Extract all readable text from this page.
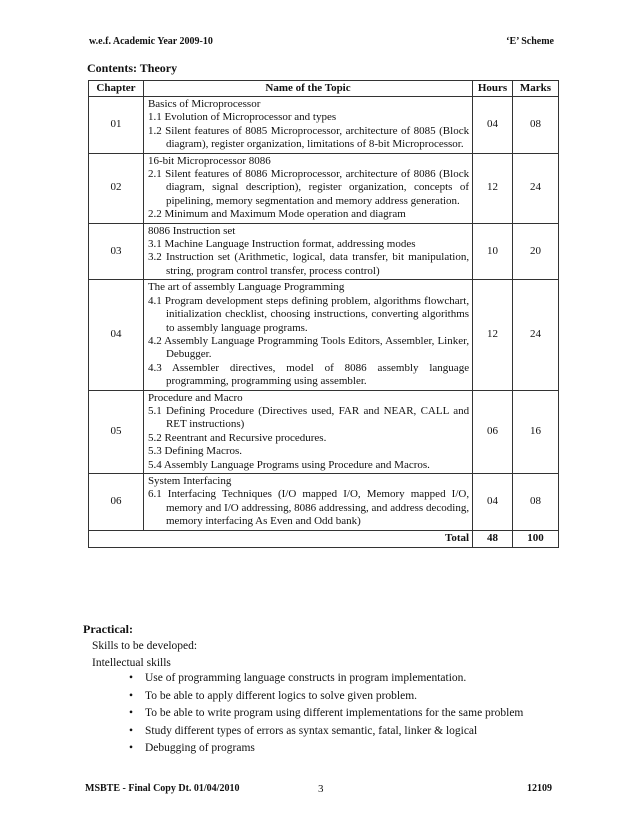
w.e.f. Academic Year 2009-10	‘E’ Scheme
Contents: Theory
Chapter	Name of the Topic	Hours	Marks
01	Basics of Microprocessor
1.1 Evolution of Microprocessor and types
1.2 Silent features of 8085 Microprocessor, architecture of 8085 (Block diagram), register organization, limitations of 8-bit Microprocessor.	04	08
02	16-bit Microprocessor 8086
2.1 Silent features of 8086 Microprocessor, architecture of 8086 (Block diagram, signal description), register organization, concepts of pipelining, memory segmentation and memory address generation.
2.2 Minimum and Maximum Mode operation and diagram	12	24
03	8086 Instruction set
3.1 Machine Language Instruction format, addressing modes
3.2 Instruction set (Arithmetic, logical, data transfer, bit manipulation, string, program control transfer, process control)	10	20
04	The art of assembly Language Programming
4.1 Program development steps defining problem, algorithms flowchart, initialization checklist, choosing instructions, converting algorithms to assembly language programs.
4.2 Assembly Language Programming Tools Editors, Assembler, Linker, Debugger.
4.3 Assembler directives, model of 8086 assembly language programming, programming using assembler.	12	24
05	Procedure and Macro
5.1 Defining Procedure (Directives used, FAR and NEAR, CALL and RET instructions)
5.2 Reentrant and Recursive procedures.
5.3 Defining Macros.
5.4 Assembly Language Programs using Procedure and Macros.	06	16
06	System Interfacing
6.1 Interfacing Techniques (I/O mapped I/O, Memory mapped I/O, memory and I/O addressing, 8086 addressing, and address decoding, memory interfacing As Even and Odd bank)	04	08
Total		48	100
Practical:
Skills to be developed:
Intellectual skills
• Use of programming language constructs in program implementation.
• To be able to apply different logics to solve given problem.
• To be able to write program using different implementations for the same problem
• Study different types of errors as syntax semantic, fatal, linker & logical
• Debugging of programs
MSBTE - Final Copy Dt. 01/04/2010	3	12109
